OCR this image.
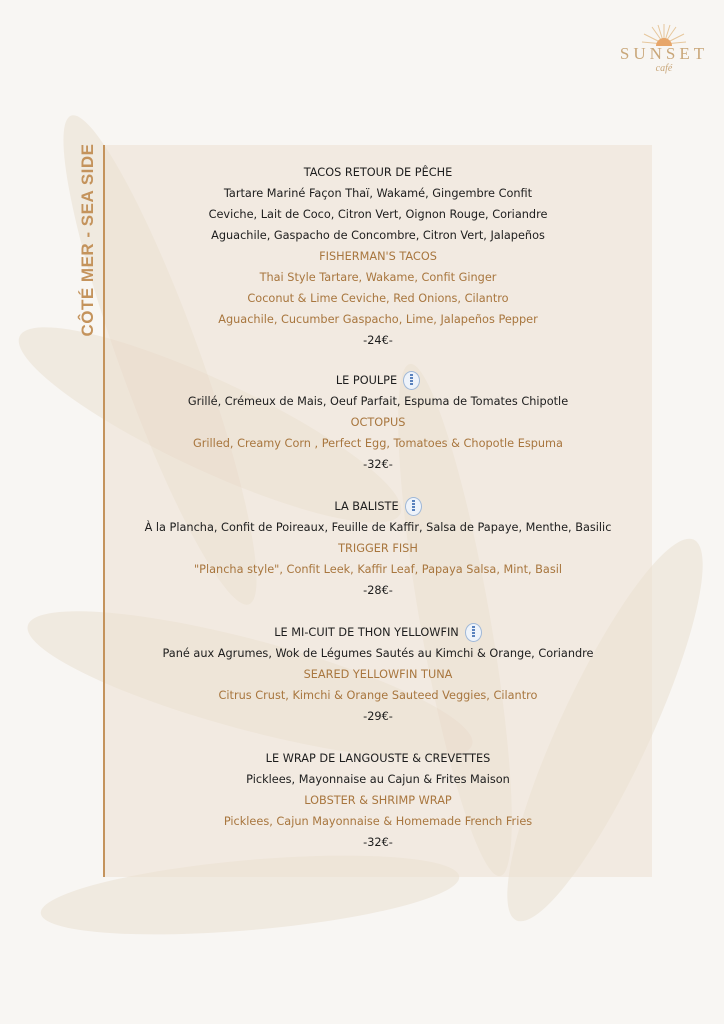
SUNSET
café
CÔTÉ MER - SEA SIDE	TACOS RETOUR DE PÊCHE
Tartare Mariné Façon Thaï, Wakamé, Gingembre Confit
Ceviche, Lait de Coco, Citron Vert, Oignon Rouge, Coriandre
Aguachile, Gaspacho de Concombre, Citron Vert, Jalapeños
FISHERMAN'S TACOS
Thai Style Tartare, Wakame, Confit Ginger
Coconut & Lime Ceviche, Red Onions, Cilantro
Aguachile, Cucumber Gaspacho, Lime, Jalapeños Pepper
-24€-
LE POULPE
Grillé, Crémeux de Mais, Oeuf Parfait, Espuma de Tomates Chipotle
OCTOPUS
Grilled, Creamy Corn , Perfect Egg, Tomatoes & Chopotle Espuma
-32€-
LA BALISTE
À la Plancha, Confit de Poireaux, Feuille de Kaffir, Salsa de Papaye, Menthe, Basilic
TRIGGER FISH
"Plancha style", Confit Leek, Kaffir Leaf, Papaya Salsa, Mint, Basil
-28€-
LE MI-CUIT DE THON YELLOWFIN
Pané aux Agrumes, Wok de Légumes Sautés au Kimchi & Orange, Coriandre
SEARED YELLOWFIN TUNA
Citrus Crust, Kimchi & Orange Sauteed Veggies, Cilantro
-29€-
LE WRAP DE LANGOUSTE & CREVETTES
Picklees, Mayonnaise au Cajun & Frites Maison
LOBSTER & SHRIMP WRAP
Picklees, Cajun Mayonnaise & Homemade French Fries
-32€-
